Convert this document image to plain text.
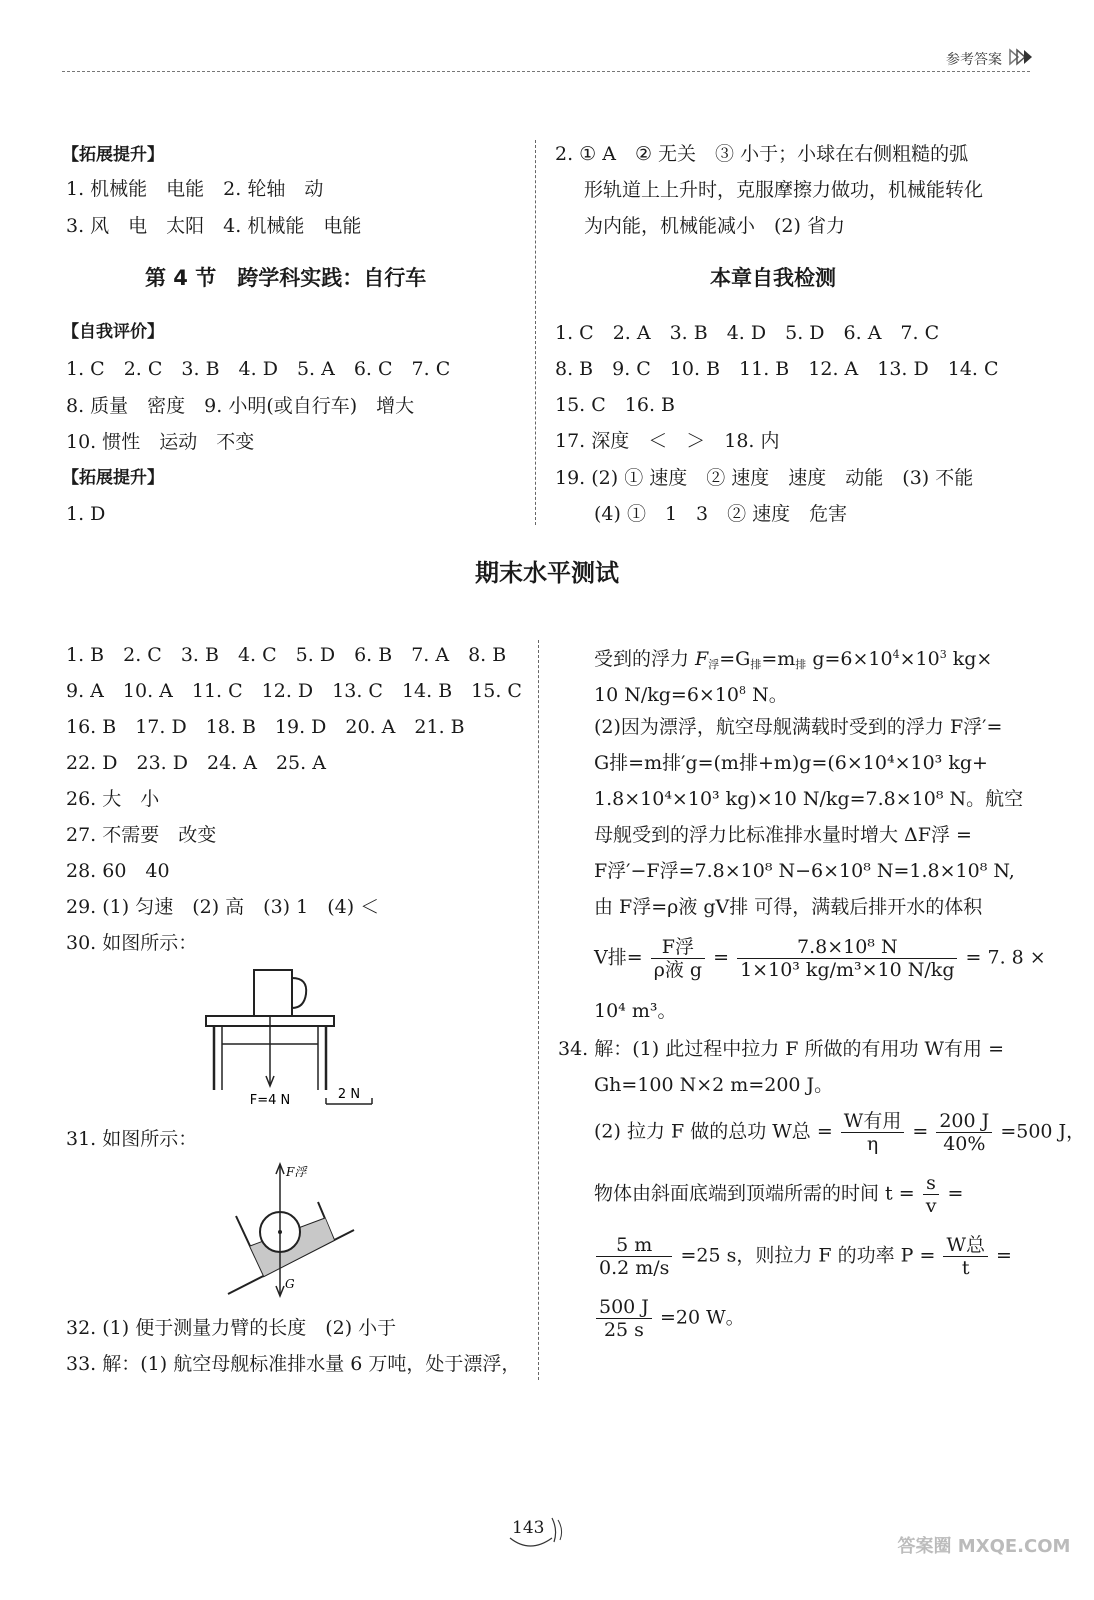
参考答案
【拓展提升】
1. 机械能　电能　2. 轮轴　动
3. 风　电　太阳　4. 机械能　电能
第 4 节　跨学科实践：自行车
【自我评价】
1. C　2. C　3. B　4. D　5. A　6. C　7. C
8. 质量　密度　9. 小明(或自行车)　增大
10. 惯性　运动　不变
【拓展提升】
1. D
2. ① A　② 无关　③ 小于；小球在右侧粗糙的弧
形轨道上上升时，克服摩擦力做功，机械能转化
为内能，机械能减小　(2) 省力
本章自我检测
1. C　2. A　3. B　4. D　5. D　6. A　7. C
8. B　9. C　10. B　11. B　12. A　13. D　14. C
15. C　16. B
17. 深度　＜　＞　18. 内
19. (2) ① 速度　② 速度　速度　动能　(3) 不能
(4) ①　1　3　② 速度　危害
期末水平测试
1. B　2. C　3. B　4. C　5. D　6. B　7. A　8. B
9. A　10. A　11. C　12. D　13. C　14. B　15. C
16. B　17. D　18. B　19. D　20. A　21. B
22. D　23. D　24. A　25. A
26. 大　小
27. 不需要　改变
28. 60　40
29. (1) 匀速　(2) 高　(3) 1　(4) ＜
30. 如图所示：
F=4 N	2 N
31. 如图所示：
F浮
G
32. (1) 便于测量力臂的长度　(2) 小于
33. 解：(1) 航空母舰标准排水量 6 万吨，处于漂浮，
受到的浮力 $F_浮=G_排=m_排$ $g=6\times 10^4\times 10^3$ kg×
10 $N/kg=6\times 10^8$ N。
(2)因为漂浮，航空母舰满载时受到的浮力 F浮′=
G排=m排′g=(m排+m)g=(6×10⁴×10³ kg+
1.8×10⁴×10³ kg)×10 N/kg=7.8×10⁸ N。航空
母舰受到的浮力比标准排水量时增大 ΔF浮 =
F浮′−F浮=7.8×10⁸ N−6×10⁸ N=1.8×10⁸ N,
由 F浮=ρ液 gV排 可得，满载后排开水的体积
V排= $\frac{\text{F浮}}{\text{ρ液 g}} = \frac{\text{7.8×10⁸ N}}{\text{1×10³ kg/m³×10 N/kg}} = 7$. 8 ×
10⁴ m³。
34. 解：(1) 此过程中拉力 F 所做的有用功 W有用 =
Gh=100 N×2 m=200 J。
(2) 拉力 F 做的总功 W总 = $\frac{\text{W有用}}{\eta} = \frac{200 J}{40\%} =500$ J，
物体由斜面底端到顶端所需的时间 $t = \frac{s}{v}$ =
$\frac{5 m}{0.2 m/s} =25$ s，则拉力 F 的功率 $P = \frac{\text{W总}}{t}$ =
$\frac{500 J}{25 s} =20$ W。
143
答案圈 MXQE.COM
